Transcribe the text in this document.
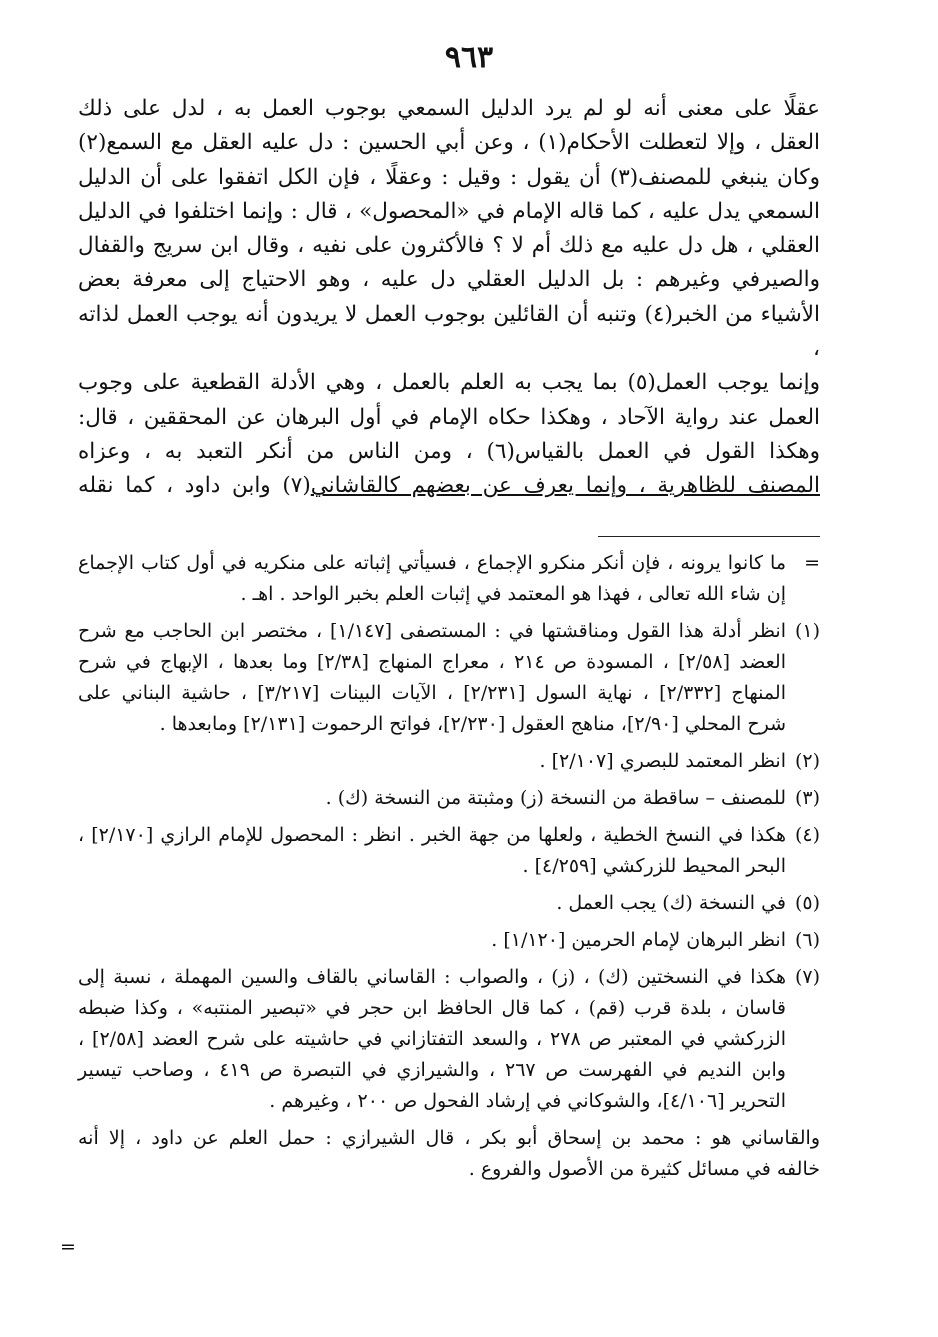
٩٦٣
عقلًا على معنى أنه لو لم يرد الدليل السمعي بوجوب العمل به ، لدل على ذلك
العقل ، وإلا لتعطلت الأحكام(١) ، وعن أبي الحسين : دل عليه العقل مع السمع(٢)
وكان ينبغي للمصنف(٣) أن يقول : وقيل : وعقلًا ، فإن الكل اتفقوا على أن الدليل
السمعي يدل عليه ، كما قاله الإمام في «المحصول» ، قال : وإنما اختلفوا في الدليل
العقلي ، هل دل عليه مع ذلك أم لا ؟ فالأكثرون على نفيه ، وقال ابن سريج والقفال
والصيرفي وغيرهم : بل الدليل العقلي دل عليه ، وهو الاحتياج إلى معرفة بعض
الأشياء من الخبر(٤) وتنبه أن القائلين بوجوب العمل لا يريدون أنه يوجب العمل لذاته ،
وإنما يوجب العمل(٥) بما يجب به العلم بالعمل ، وهي الأدلة القطعية على وجوب
العمل عند رواية الآحاد ، وهكذا حكاه الإمام في أول البرهان عن المحققين ، قال:
وهكذا القول في العمل بالقياس(٦) ، ومن الناس من أنكر التعبد به ، وعزاه
المصنف للظاهرية ، وإنما يعرف عن بعضهم كالقاشاني(٧) وابن داود ، كما نقله
=
ما كانوا يرونه ، فإن أنكر منكرو الإجماع ، فسيأتي إثباته على منكريه في أول كتاب الإجماع
إن شاء الله تعالى ، فهذا هو المعتمد في إثبات العلم بخبر الواحد . اهـ .
(١)
انظر أدلة هذا القول ومناقشتها في : المستصفى [١/١٤٧] ، مختصر ابن الحاجب مع شرح
العضد [٢/٥٨] ، المسودة ص ٢١٤ ، معراج المنهاج [٢/٣٨] وما بعدها ، الإبهاج في شرح
المنهاج [٢/٣٣٢] ، نهاية السول [٢/٢٣١] ، الآيات البينات [٣/٢١٧] ، حاشية البناني على
شرح المحلي [٢/٩٠]، مناهج العقول [٢/٢٣٠]، فواتح الرحموت [٢/١٣١] ومابعدها .
(٢)
انظر المعتمد للبصري [٢/١٠٧] .
(٣)
للمصنف – ساقطة من النسخة (ز) ومثبتة من النسخة (ك) .
(٤)
هكذا في النسخ الخطية ، ولعلها من جهة الخبر . انظر : المحصول للإمام الرازي [٢/١٧٠] ،
البحر المحيط للزركشي [٤/٢٥٩] .
(٥)
في النسخة (ك) يجب العمل .
(٦)
انظر البرهان لإمام الحرمين [١/١٢٠] .
(٧)
هكذا في النسختين (ك) ، (ز) ، والصواب : القاساني بالقاف والسين المهملة ، نسبة إلى
قاسان ، بلدة قرب (قم) ، كما قال الحافظ ابن حجر في «تبصير المنتبه» ، وكذا ضبطه
الزركشي في المعتبر ص ٢٧٨ ، والسعد التفتازاني في حاشيته على شرح العضد [٢/٥٨] ،
وابن النديم في الفهرست ص ٢٦٧ ، والشيرازي في التبصرة ص ٤١٩ ، وصاحب تيسير
التحرير [٤/١٠٦]، والشوكاني في إرشاد الفحول ص ٢٠٠ ، وغيرهم .
والقاساني هو : محمد بن إسحاق أبو بكر ، قال الشيرازي : حمل العلم عن داود ، إلا أنه
خالفه في مسائل كثيرة من الأصول والفروع .
=
